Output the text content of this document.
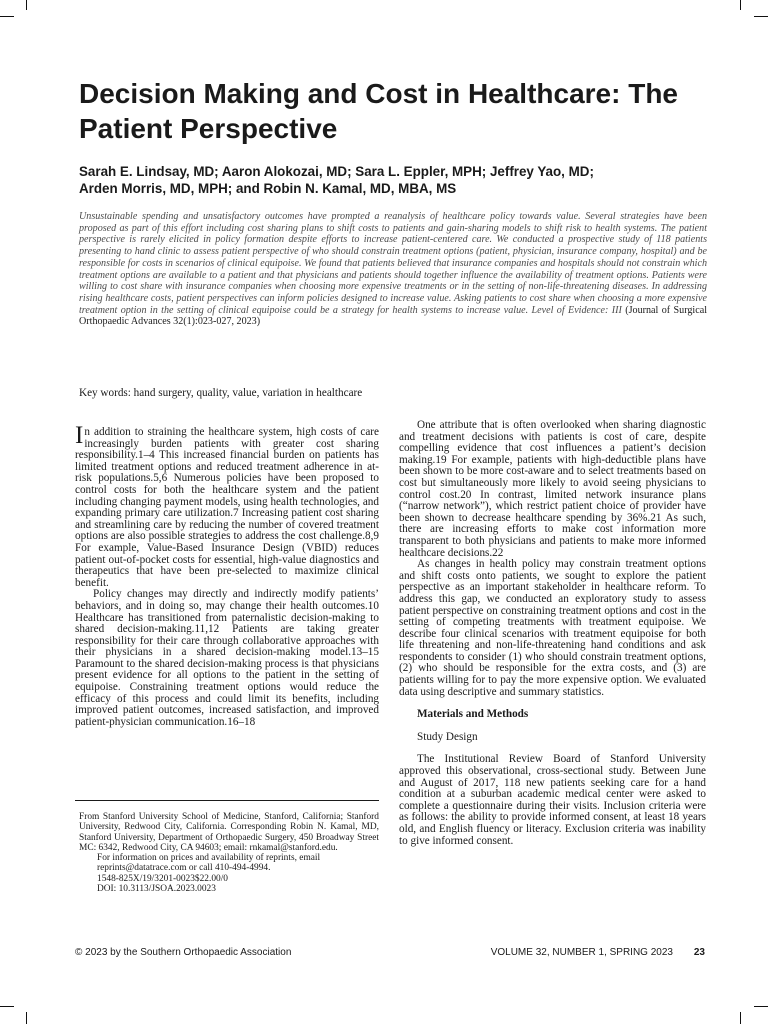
Decision Making and Cost in Healthcare: The Patient Perspective
Sarah E. Lindsay, MD; Aaron Alokozai, MD; Sara L. Eppler, MPH; Jeffrey Yao, MD;
Arden Morris, MD, MPH; and Robin N. Kamal, MD, MBA, MS

Unsustainable spending and unsatisfactory outcomes have prompted a reanalysis of healthcare policy towards value. Several strategies have been proposed as part of this effort including cost sharing plans to shift costs to patients and gain-sharing models to shift risk to health systems. The patient perspective is rarely elicited in policy formation despite efforts to increase patient-centered care. We conducted a prospective study of 118 patients presenting to hand clinic to assess patient perspective of who should constrain treatment options (patient, physician, insurance company, hospital) and be responsible for costs in scenarios of clinical equipoise. We found that patients believed that insurance companies and hospitals should not constrain which treatment options are available to a patient and that physicians and patients should together influence the availability of treatment options. Patients were willing to cost share with insurance companies when choosing more expensive treatments or in the setting of non-life-threatening diseases. In addressing rising healthcare costs, patient perspectives can inform policies designed to increase value. Asking patients to cost share when choosing a more expensive treatment option in the setting of clinical equipoise could be a strategy for health systems to increase value. Level of Evidence: III (Journal of Surgical Orthopaedic Advances 32(1):023-027, 2023)

Key words: hand surgery, quality, value, variation in healthcare

In addition to straining the healthcare system, high costs of care increasingly burden patients with greater cost sharing responsibility.1–4 This increased financial burden on patients has limited treatment options and reduced treatment adherence in at-risk populations.5,6 Numerous policies have been proposed to control costs for both the healthcare system and the patient including changing payment models, using health technologies, and expanding primary care utilization.7 Increasing patient cost sharing and streamlining care by reducing the number of covered treatment options are also possible strategies to address the cost challenge.8,9 For example, Value-Based Insurance Design (VBID) reduces patient out-of-pocket costs for essential, high-value diagnostics and therapeutics that have been pre-selected to maximize clinical benefit.

Policy changes may directly and indirectly modify patients’ behaviors, and in doing so, may change their health outcomes.10 Healthcare has transitioned from paternalistic decision-making to shared decision-making.11,12 Patients are taking greater responsibility for their care through collaborative approaches with their physicians in a shared decision-making model.13–15 Paramount to the shared decision-making process is that physicians present evidence for all options to the patient in the setting of equipoise. Constraining treatment options would reduce the efficacy of this process and could limit its benefits, including improved patient outcomes, increased satisfaction, and improved patient-physician communication.16–18

From Stanford University School of Medicine, Stanford, California; Stanford University, Redwood City, California. Corresponding Robin N. Kamal, MD, Stanford University, Department of Orthopaedic Surgery, 450 Broadway Street MC: 6342, Redwood City, CA 94603; email: rnkamal@stanford.edu.

For information on prices and availability of reprints, email reprints@datatrace.com or call 410-494-4994.

1548-825X/19/3201-0023$22.00/0

DOI: 10.3113/JSOA.2023.0023

One attribute that is often overlooked when sharing diagnostic and treatment decisions with patients is cost of care, despite compelling evidence that cost influences a patient’s decision making.19 For example, patients with high-deductible plans have been shown to be more cost-aware and to select treatments based on cost but simultaneously more likely to avoid seeing physicians to control cost.20 In contrast, limited network insurance plans (“narrow network”), which restrict patient choice of provider have been shown to decrease healthcare spending by 36%.21 As such, there are increasing efforts to make cost information more transparent to both physicians and patients to make more informed healthcare decisions.22

As changes in health policy may constrain treatment options and shift costs onto patients, we sought to explore the patient perspective as an important stakeholder in healthcare reform. To address this gap, we conducted an exploratory study to assess patient perspective on constraining treatment options and cost in the setting of competing treatments with treatment equipoise. We describe four clinical scenarios with treatment equipoise for both life threatening and non-life-threatening hand conditions and ask respondents to consider (1) who should constrain treatment options, (2) who should be responsible for the extra costs, and (3) are patients willing for to pay the more expensive option. We evaluated data using descriptive and summary statistics.

Materials and Methods

Study Design

The Institutional Review Board of Stanford University approved this observational, cross-sectional study. Between June and August of 2017, 118 new patients seeking care for a hand condition at a suburban academic medical center were asked to complete a questionnaire during their visits. Inclusion criteria were as follows: the ability to provide informed consent, at least 18 years old, and English fluency or literacy. Exclusion criteria was inability to give informed consent.

© 2023 by the Southern Orthopaedic Association	VOLUME 32, NUMBER 1, SPRING 2023 23
